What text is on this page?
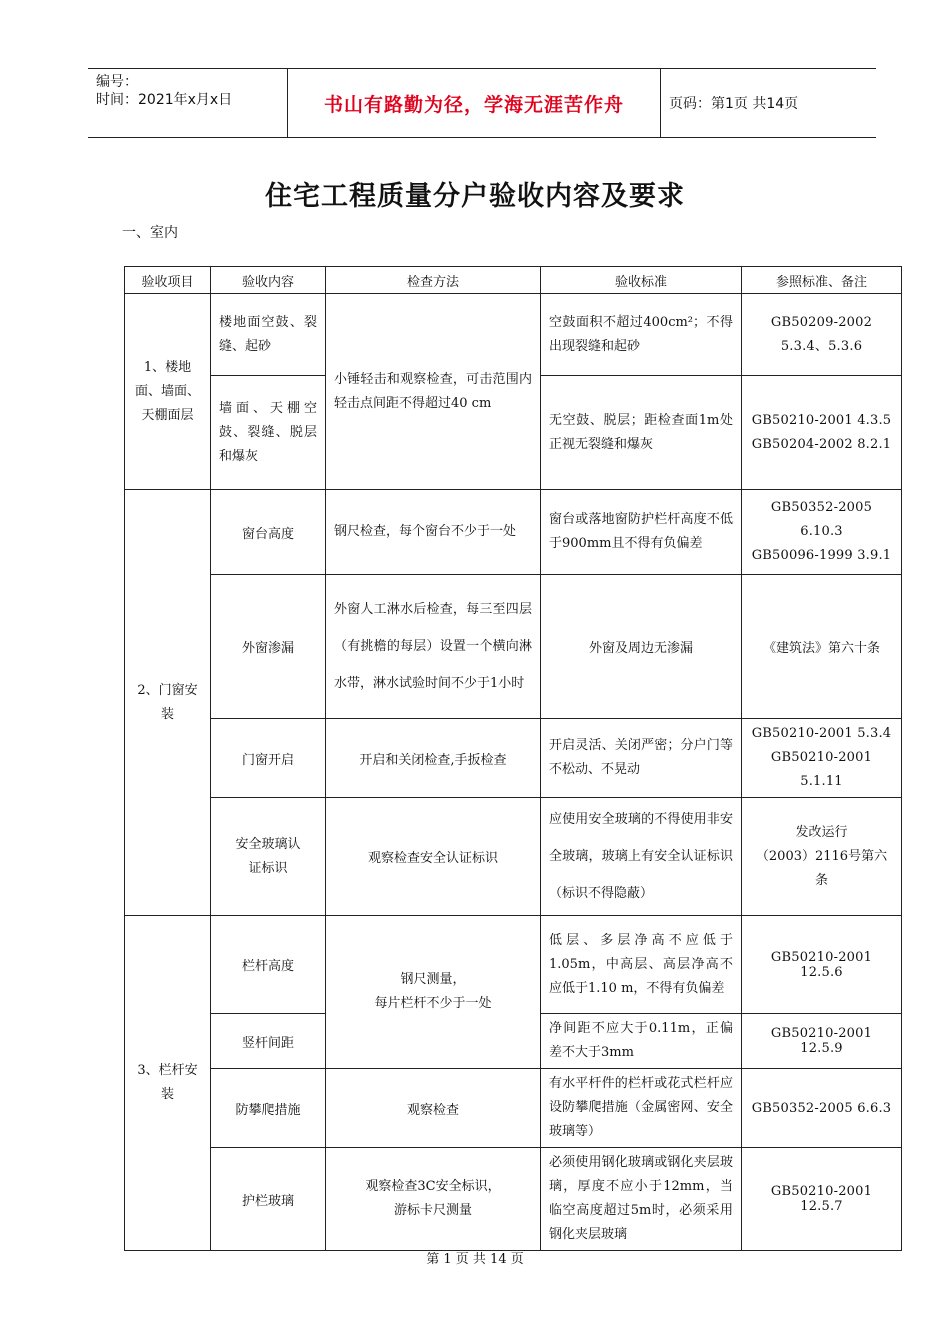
编号：
时间：2021年x月x日	书山有路勤为径，学海无涯苦作舟	页码：第1页 共14页
住宅工程质量分户验收内容及要求
一、室内
验收项目	验收内容	检查方法	验收标准	参照标准、备注
1、楼地面、墙面、天棚面层	楼地面空鼓、裂缝、起砂	小锤轻击和观察检查，可击范围内轻击点间距不得超过40 cm	空鼓面积不超过400cm²；不得出现裂缝和起砂	GB50209-2002
5.3.4、5.3.6
	墙面、天棚空鼓、裂缝、脱层和爆灰		无空鼓、脱层；距检查面1m处正视无裂缝和爆灰	GB50210-2001 4.3.5
GB50204-2002 8.2.1
2、门窗安装	窗台高度	钢尺检查，每个窗台不少于一处	窗台或落地窗防护栏杆高度不低于900mm且不得有负偏差	GB50352-2005 6.10.3
GB50096-1999 3.9.1
	外窗渗漏	外窗人工淋水后检查，每三至四层（有挑檐的每层）设置一个横向淋水带，淋水试验时间不少于1小时	外窗及周边无渗漏	《建筑法》第六十条
	门窗开启	开启和关闭检查,手扳检查	开启灵活、关闭严密；分户门等不松动、不晃动	GB50210-2001 5.3.4
GB50210-2001 5.1.11
	安全玻璃认证标识	观察检查安全认证标识	应使用安全玻璃的不得使用非安全玻璃，玻璃上有安全认证标识（标识不得隐蔽）	发改运行
（2003）2116号第六条
3、栏杆安装	栏杆高度	钢尺测量，
每片栏杆不少于一处	低层、多层净高不应低于1.05m，中高层、高层净高不应低于1.10 m，不得有负偏差	GB50210-2001 12.5.6
	竖杆间距		净间距不应大于0.11m，正偏差不大于3mm	GB50210-2001 12.5.9
	防攀爬措施	观察检查	有水平杆件的栏杆或花式栏杆应设防攀爬措施（金属密网、安全玻璃等）	GB50352-2005 6.6.3
	护栏玻璃	观察检查3C安全标识，
游标卡尺测量	必须使用钢化玻璃或钢化夹层玻璃，厚度不应小于12mm，当临空高度超过5m时，必须采用钢化夹层玻璃	GB50210-2001 12.5.7
第 1 页 共 14 页
